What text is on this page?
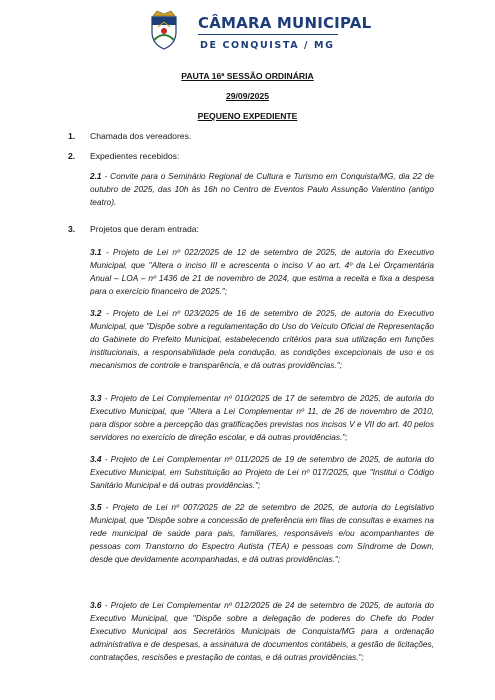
CÂMARA MUNICIPAL
DE CONQUISTA / MG
PAUTA 16ª SESSÃO ORDINÁRIA
29/09/2025
PEQUENO EXPEDIENTE
1. Chamada dos vereadores.
2. Expedientes recebidos:
2.1 - Convite para o Seminário Regional de Cultura e Turismo em Conquista/MG, dia 22 de outubro de 2025, das 10h às 16h no Centro de Eventos Paulo Assunção Valentino (antigo teatro).
3. Projetos que deram entrada:
3.1 - Projeto de Lei nº 022/2025 de 12 de setembro de 2025, de autoria do Executivo Municipal, que "Altera o inciso III e acrescenta o inciso V ao art. 4º da Lei Orçamentária Anual – LOA – nº 1436 de 21 de novembro de 2024, que estima a receita e fixa a despesa para o exercício financeiro de 2025.";
3.2 - Projeto de Lei nº 023/2025 de 16 de setembro de 2025, de autoria do Executivo Municipal, que "Dispõe sobre a regulamentação do Uso do Veículo Oficial de Representação do Gabinete do Prefeito Municipal, estabelecendo critérios para sua utilização em funções institucionais, a responsabilidade pela condução, as condições excepcionais de uso e os mecanismos de controle e transparência, e dá outras providências.";
3.3 - Projeto de Lei Complementar nº 010/2025 de 17 de setembro de 2025, de autoria do Executivo Municipal, que "Altera a Lei Complementar nº 11, de 26 de novembro de 2010, para dispor sobre a percepção das gratificações previstas nos incisos V e VII do art. 40 pelos servidores no exercício de direção escolar, e dá outras providências.";
3.4 - Projeto de Lei Complementar nº 011/2025 de 19 de setembro de 2025, de autoria do Executivo Municipal, em Substituição ao Projeto de Lei nº 017/2025, que "Institui o Código Sanitário Municipal e dá outras providências.";
3.5 - Projeto de Lei nº 007/2025 de 22 de setembro de 2025, de autoria do Legislativo Municipal, que "Dispõe sobre a concessão de preferência em filas de consultas e exames na rede municipal de saúde para pais, familiares, responsáveis e/ou acompanhantes de pessoas com Transtorno do Espectro Autista (TEA) e pessoas com Síndrome de Down, desde que devidamente acompanhadas, e dá outras providências.";
3.6 - Projeto de Lei Complementar nº 012/2025 de 24 de setembro de 2025, de autoria do Executivo Municipal, que "Dispõe sobre a delegação de poderes do Chefe do Poder Executivo Municipal aos Secretários Municipais de Conquista/MG para a ordenação administrativa e de despesas, a assinatura de documentos contábeis, a gestão de licitações, contratações, rescisões e prestação de contas, e dá outras providências.";
